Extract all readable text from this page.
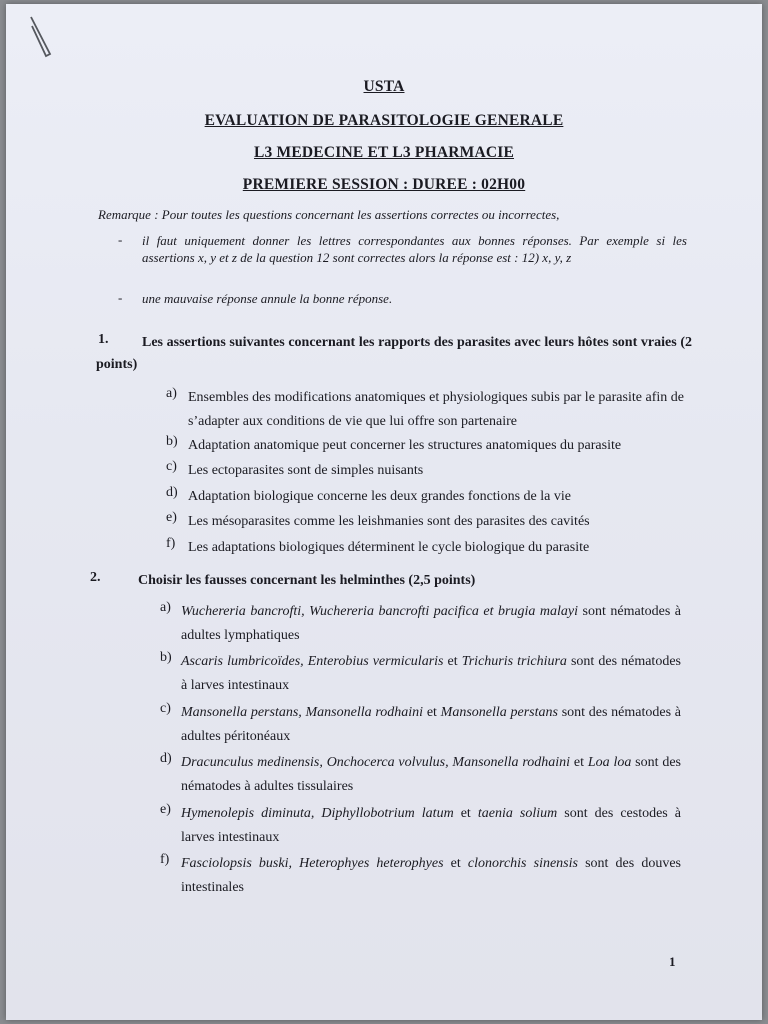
USTA
EVALUATION DE PARASITOLOGIE GENERALE
L3 MEDECINE ET L3 PHARMACIE
PREMIERE SESSION : DUREE : 02H00
Remarque : Pour toutes les questions concernant les assertions correctes ou incorrectes,
- il faut uniquement donner les lettres correspondantes aux bonnes réponses. Par exemple si les assertions x, y et z de la question 12 sont correctes alors la réponse est : 12) x, y, z
- une mauvaise réponse annule la bonne réponse.
1.	Les assertions suivantes concernant les rapports des parasites avec leurs hôtes sont vraies (2 points)
a) Ensembles des modifications anatomiques et physiologiques subis par le parasite afin de s’adapter aux conditions de vie que lui offre son partenaire
b) Adaptation anatomique peut concerner les structures anatomiques du parasite
c) Les ectoparasites sont de simples nuisants
d) Adaptation biologique concerne les deux grandes fonctions de la vie
e) Les mésoparasites comme les leishmanies sont des parasites des cavités
f) Les adaptations biologiques déterminent le cycle biologique du parasite
2.	Choisir les fausses concernant les helminthes (2,5 points)
a) Wuchereria bancrofti, Wuchereria bancrofti pacifica et brugia malayi sont nématodes à adultes lymphatiques
b) Ascaris lumbricoïdes, Enterobius vermicularis et Trichuris trichiura sont des nématodes à larves intestinaux
c) Mansonella perstans, Mansonella rodhaini et Mansonella perstans sont des nématodes à adultes péritonéaux
d) Dracunculus medinensis, Onchocerca volvulus, Mansonella rodhaini et Loa loa sont des nématodes à adultes tissulaires
e) Hymenolepis diminuta, Diphyllobotrium latum et taenia solium sont des cestodes à larves intestinaux
f) Fasciolopsis buski, Heterophyes heterophyes et clonorchis sinensis sont des douves intestinales
1
